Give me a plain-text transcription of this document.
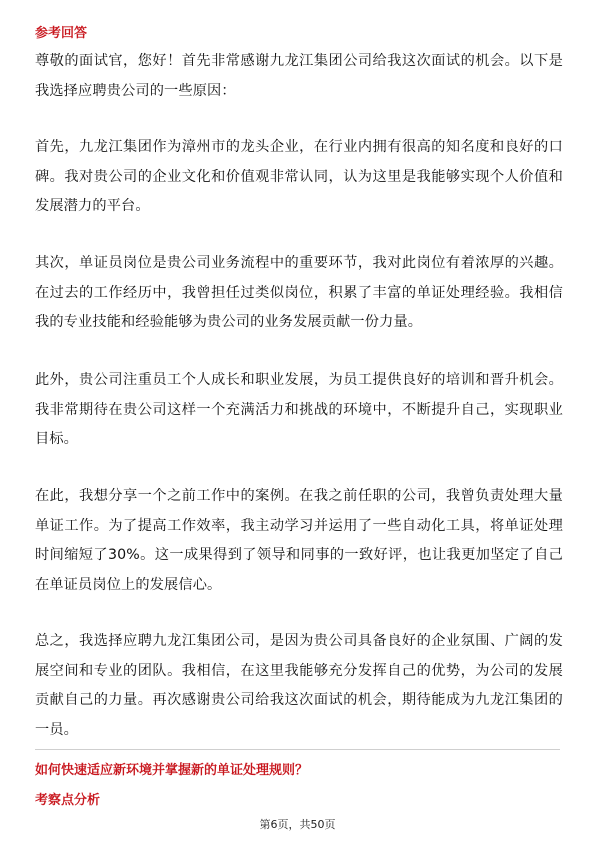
参考回答

尊敬的面试官，您好！首先非常感谢九龙江集团公司给我这次面试的机会。以下是我选择应聘贵公司的一些原因：

首先，九龙江集团作为漳州市的龙头企业，在行业内拥有很高的知名度和良好的口碑。我对贵公司的企业文化和价值观非常认同，认为这里是我能够实现个人价值和发展潜力的平台。

其次，单证员岗位是贵公司业务流程中的重要环节，我对此岗位有着浓厚的兴趣。在过去的工作经历中，我曾担任过类似岗位，积累了丰富的单证处理经验。我相信我的专业技能和经验能够为贵公司的业务发展贡献一份力量。

此外，贵公司注重员工个人成长和职业发展，为员工提供良好的培训和晋升机会。我非常期待在贵公司这样一个充满活力和挑战的环境中，不断提升自己，实现职业目标。

在此，我想分享一个之前工作中的案例。在我之前任职的公司，我曾负责处理大量单证工作。为了提高工作效率，我主动学习并运用了一些自动化工具，将单证处理时间缩短了30%。这一成果得到了领导和同事的一致好评，也让我更加坚定了自己在单证员岗位上的发展信心。

总之，我选择应聘九龙江集团公司，是因为贵公司具备良好的企业氛围、广阔的发展空间和专业的团队。我相信，在这里我能够充分发挥自己的优势，为公司的发展贡献自己的力量。再次感谢贵公司给我这次面试的机会，期待能成为九龙江集团的一员。

如何快速适应新环境并掌握新的单证处理规则？
考察点分析
第6页，共50页
